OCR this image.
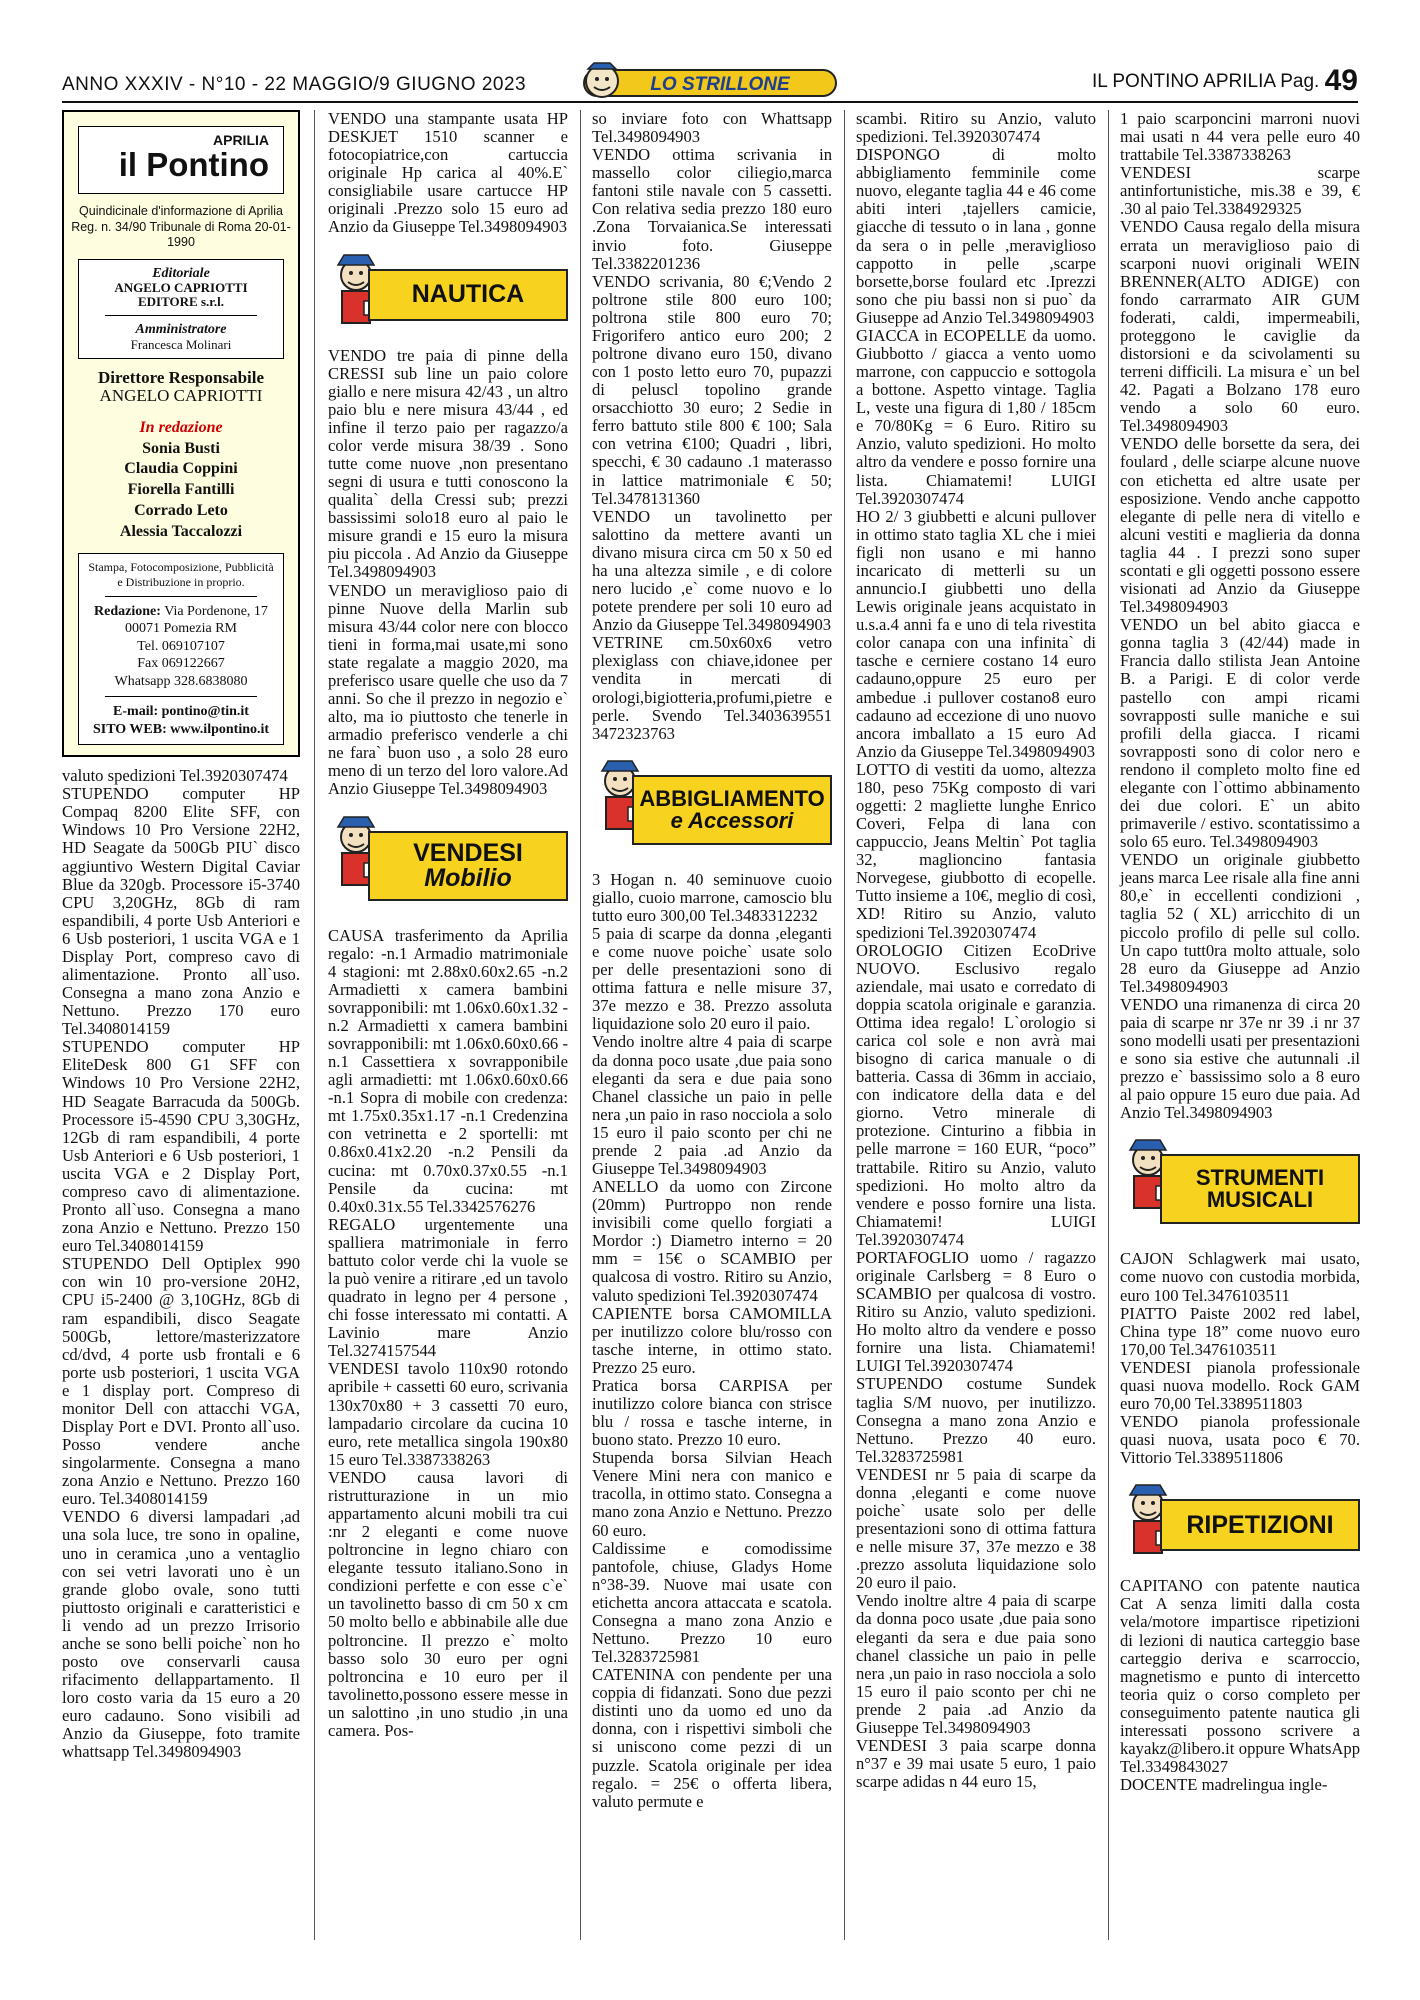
ANNO XXXIV - N°10 - 22 MAGGIO/9 GIUGNO 2023	LO STRILLONE	IL PONTINO APRILIA Pag. 49
APRILIA
il Pontino
Quindicinale d'informazione di Aprilia Reg. n. 34/90 Tribunale di Roma 20-01-1990
Editoriale
ANGELO CAPRIOTTI EDITORE s.r.l.
Amministratore
Francesca Molinari
Direttore Responsabile
ANGELO CAPRIOTTI
In redazione
Sonia Busti
Claudia Coppini
Fiorella Fantilli
Corrado Leto
Alessia Taccalozzi
Stampa, Fotocomposizione, Pubblicità e Distribuzione in proprio.
Redazione: Via Pordenone, 17 00071 Pomezia RM
Tel. 069107107
Fax 069122667
Whatsapp 328.6838080
E-mail: pontino@tin.it
SITO WEB: www.ilpontino.it

valuto spedizioni Tel.3920307474

STUPENDO computer HP Compaq 8200 Elite SFF, con Windows 10 Pro Versione 22H2, HD Seagate da 500Gb PIU` disco aggiuntivo Western Digital Caviar Blue da 320gb. Processore i5-3740 CPU 3,20GHz, 8Gb di ram espandibili, 4 porte Usb Anteriori e 6 Usb posteriori, 1 uscita VGA e 1 Display Port, compreso cavo di alimentazione. Pronto all`uso. Consegna a mano zona Anzio e Nettuno. Prezzo 170 euro Tel.3408014159

STUPENDO computer HP EliteDesk 800 G1 SFF con Windows 10 Pro Versione 22H2, HD Seagate Barracuda da 500Gb. Processore i5-4590 CPU 3,30GHz, 12Gb di ram espandibili, 4 porte Usb Anteriori e 6 Usb posteriori, 1 uscita VGA e 2 Display Port, compreso cavo di alimentazione. Pronto all`uso. Consegna a mano zona Anzio e Nettuno. Prezzo 150 euro Tel.3408014159

STUPENDO Dell Optiplex 990 con win 10 pro-versione 20H2, CPU i5-2400 @ 3,10GHz, 8Gb di ram espandibili, disco Seagate 500Gb, lettore/masterizzatore cd/dvd, 4 porte usb frontali e 6 porte usb posteriori, 1 uscita VGA e 1 display port. Compreso di monitor Dell con attacchi VGA, Display Port e DVI. Pronto all`uso. Posso vendere anche singolarmente. Consegna a mano zona Anzio e Nettuno. Prezzo 160 euro. Tel.3408014159

VENDO 6 diversi lampadari ,ad una sola luce, tre sono in opaline, uno in ceramica ,uno a ventaglio con sei vetri lavorati uno è un grande globo ovale, sono tutti piuttosto originali e caratteristici e li vendo ad un prezzo Irrisorio anche se sono belli poiche` non ho posto ove conservarli causa rifacimento dellappartamento. Il loro costo varia da 15 euro a 20 euro cadauno. Sono visibili ad Anzio da Giuseppe, foto tramite whattsapp Tel.3498094903

VENDO una stampante usata HP DESKJET 1510 scanner e fotocopiatrice,con cartuccia originale Hp carica al 40%.E` consigliabile usare cartucce HP originali .Prezzo solo 15 euro ad Anzio da Giuseppe Tel.3498094903

NAUTICA

VENDO tre paia di pinne della CRESSI sub line un paio colore giallo e nere misura 42/43 , un altro paio blu e nere misura 43/44 , ed infine il terzo paio per ragazzo/a color verde misura 38/39 . Sono tutte come nuove ,non presentano segni di usura e tutti conoscono la qualita` della Cressi sub; prezzi bassissimi solo18 euro al paio le misure grandi e 15 euro la misura piu piccola . Ad Anzio da Giuseppe Tel.3498094903

VENDO un meraviglioso paio di pinne Nuove della Marlin sub misura 43/44 color nere con blocco tieni in forma,mai usate,mi sono state regalate a maggio 2020, ma preferisco usare quelle che uso da 7 anni. So che il prezzo in negozio e` alto, ma io piuttosto che tenerle in armadio preferisco venderle a chi ne fara` buon uso , a solo 28 euro meno di un terzo del loro valore.Ad Anzio Giuseppe Tel.3498094903

VENDESI
Mobilio

CAUSA trasferimento da Aprilia regalo: -n.1 Armadio matrimoniale 4 stagioni: mt 2.88x0.60x2.65 -n.2 Armadietti x camera bambini sovrapponibili: mt 1.06x0.60x1.32 -n.2 Armadietti x camera bambini sovrapponibili: mt 1.06x0.60x0.66 -n.1 Cassettiera x sovrapponibile agli armadietti: mt 1.06x0.60x0.66 -n.1 Sopra di mobile con credenza: mt 1.75x0.35x1.17 -n.1 Credenzina con vetrinetta e 2 sportelli: mt 0.86x0.41x2.20 -n.2 Pensili da cucina: mt 0.70x0.37x0.55 -n.1 Pensile da cucina: mt 0.40x0.31x.55 Tel.3342576276

REGALO urgentemente una spalliera matrimoniale in ferro battuto color verde chi la vuole se la può venire a ritirare ,ed un tavolo quadrato in legno per 4 persone , chi fosse interessato mi contatti. A Lavinio mare Anzio Tel.3274157544

VENDESI tavolo 110x90 rotondo apribile + cassetti 60 euro, scrivania 130x70x80 + 3 cassetti 70 euro, lampadario circolare da cucina 10 euro, rete metallica singola 190x80 15 euro Tel.3387338263

VENDO causa lavori di ristrutturazione in un mio appartamento alcuni mobili tra cui :nr 2 eleganti e come nuove poltroncine in legno chiaro con elegante tessuto italiano.Sono in condizioni perfette e con esse c`e` un tavolinetto basso di cm 50 x cm 50 molto bello e abbinabile alle due poltroncine. Il prezzo e` molto basso solo 30 euro per ogni poltroncina e 10 euro per il tavolinetto,possono essere messe in un salottino ,in uno studio ,in una camera. Pos-

so inviare foto con Whattsapp Tel.3498094903

VENDO ottima scrivania in massello color ciliegio,marca fantoni stile navale con 5 cassetti. Con relativa sedia prezzo 180 euro .Zona Torvaianica.Se interessati invio foto. Giuseppe Tel.3382201236

VENDO scrivania, 80 €;Vendo 2 poltrone stile 800 euro 100; poltrona stile 800 euro 70; Frigorifero antico euro 200; 2 poltrone divano euro 150, divano con 1 posto letto euro 70, pupazzi di peluscl topolino grande orsacchiotto 30 euro; 2 Sedie in ferro battuto stile 800 € 100; Sala con vetrina €100; Quadri , libri, specchi, € 30 cadauno .1 materasso in lattice matrimoniale € 50; Tel.3478131360

VENDO un tavolinetto per salottino da mettere avanti un divano misura circa cm 50 x 50 ed ha una altezza simile , e di colore nero lucido ,e` come nuovo e lo potete prendere per soli 10 euro ad Anzio da Giuseppe Tel.3498094903

VETRINE cm.50x60x6 vetro plexiglass con chiave,idonee per vendita in mercati di orologi,bigiotteria,profumi,pietre e perle. Svendo Tel.3403639551 3472323763

ABBIGLIAMENTO
e Accessori

3 Hogan n. 40 seminuove cuoio giallo, cuoio marrone, camoscio blu tutto euro 300,00 Tel.3483312232

5 paia di scarpe da donna ,eleganti e come nuove poiche` usate solo per delle presentazioni sono di ottima fattura e nelle misure 37, 37e mezzo e 38. Prezzo assoluta liquidazione solo 20 euro il paio.

Vendo inoltre altre 4 paia di scarpe da donna poco usate ,due paia sono eleganti da sera e due paia sono Chanel classiche un paio in pelle nera ,un paio in raso nocciola a solo 15 euro il paio sconto per chi ne prende 2 paia .ad Anzio da Giuseppe Tel.3498094903

ANELLO da uomo con Zircone (20mm) Purtroppo non rende invisibili come quello forgiati a Mordor :) Diametro interno = 20 mm = 15€ o SCAMBIO per qualcosa di vostro. Ritiro su Anzio, valuto spedizioni Tel.3920307474

CAPIENTE borsa CAMOMILLA per inutilizzo colore blu/rosso con tasche interne, in ottimo stato. Prezzo 25 euro.

Pratica borsa CARPISA per inutilizzo colore bianca con strisce blu / rossa e tasche interne, in buono stato. Prezzo 10 euro.

Stupenda borsa Silvian Heach Venere Mini nera con manico e tracolla, in ottimo stato. Consegna a mano zona Anzio e Nettuno. Prezzo 60 euro.

Caldissime e comodissime pantofole, chiuse, Gladys Home n°38-39. Nuove mai usate con etichetta ancora attaccata e scatola. Consegna a mano zona Anzio e Nettuno. Prezzo 10 euro Tel.3283725981

CATENINA con pendente per una coppia di fidanzati. Sono due pezzi distinti uno da uomo ed uno da donna, con i rispettivi simboli che si uniscono come pezzi di un puzzle. Scatola originale per idea regalo. = 25€ o offerta libera, valuto permute e

scambi. Ritiro su Anzio, valuto spedizioni. Tel.3920307474

DISPONGO di molto abbigliamento femminile come nuovo, elegante taglia 44 e 46 come abiti interi ,tajellers camicie, giacche di tessuto o in lana , gonne da sera o in pelle ,meraviglioso cappotto in pelle ,scarpe borsette,borse foulard etc .Iprezzi sono che piu bassi non si puo` da Giuseppe ad Anzio Tel.3498094903

GIACCA in ECOPELLE da uomo. Giubbotto / giacca a vento uomo marrone, con cappuccio e sottogola a bottone. Aspetto vintage. Taglia L, veste una figura di 1,80 / 185cm e 70/80Kg = 6 Euro. Ritiro su Anzio, valuto spedizioni. Ho molto altro da vendere e posso fornire una lista. Chiamatemi! LUIGI Tel.3920307474

HO 2/ 3 giubbetti e alcuni pullover in ottimo stato taglia XL che i miei figli non usano e mi hanno incaricato di metterli su un annuncio.I giubbetti uno della Lewis originale jeans acquistato in u.s.a.4 anni fa e uno di tela rivestita color canapa con una infinita` di tasche e cerniere costano 14 euro cadauno,oppure 25 euro per ambedue .i pullover costano8 euro cadauno ad eccezione di uno nuovo ancora imballato a 15 euro Ad Anzio da Giuseppe Tel.3498094903

LOTTO di vestiti da uomo, altezza 180, peso 75Kg composto di vari oggetti: 2 magliette lunghe Enrico Coveri, Felpa di lana con cappuccio, Jeans Meltin` Pot taglia 32, maglioncino fantasia Norvegese, giubbotto di ecopelle. Tutto insieme a 10€, meglio di così, XD! Ritiro su Anzio, valuto spedizioni Tel.3920307474

OROLOGIO Citizen EcoDrive NUOVO. Esclusivo regalo aziendale, mai usato e corredato di doppia scatola originale e garanzia. Ottima idea regalo! L`orologio si carica col sole e non avrà mai bisogno di carica manuale o di batteria. Cassa di 36mm in acciaio, con indicatore della data e del giorno. Vetro minerale di protezione. Cinturino a fibbia in pelle marrone = 160 EUR, “poco” trattabile. Ritiro su Anzio, valuto spedizioni. Ho molto altro da vendere e posso fornire una lista. Chiamatemi! LUIGI Tel.3920307474

PORTAFOGLIO uomo / ragazzo originale Carlsberg = 8 Euro o SCAMBIO per qualcosa di vostro. Ritiro su Anzio, valuto spedizioni. Ho molto altro da vendere e posso fornire una lista. Chiamatemi! LUIGI Tel.3920307474

STUPENDO costume Sundek taglia S/M nuovo, per inutilizzo. Consegna a mano zona Anzio e Nettuno. Prezzo 40 euro. Tel.3283725981

VENDESI nr 5 paia di scarpe da donna ,eleganti e come nuove poiche` usate solo per delle presentazioni sono di ottima fattura e nelle misure 37, 37e mezzo e 38 .prezzo assoluta liquidazione solo 20 euro il paio.

Vendo inoltre altre 4 paia di scarpe da donna poco usate ,due paia sono eleganti da sera e due paia sono chanel classiche un paio in pelle nera ,un paio in raso nocciola a solo 15 euro il paio sconto per chi ne prende 2 paia .ad Anzio da Giuseppe Tel.3498094903

VENDESI 3 paia scarpe donna n°37 e 39 mai usate 5 euro, 1 paio scarpe adidas n 44 euro 15,

1 paio scarponcini marroni nuovi mai usati n 44 vera pelle euro 40 trattabile Tel.3387338263

VENDESI scarpe antinfortunistiche, mis.38 e 39, € .30 al paio Tel.3384929325

VENDO Causa regalo della misura errata un meraviglioso paio di scarponi nuovi originali WEIN BRENNER(ALTO ADIGE) con fondo carrarmato AIR GUM foderati, caldi, impermeabili, proteggono le caviglie da distorsioni e da scivolamenti su terreni difficili. La misura e` un bel 42. Pagati a Bolzano 178 euro vendo a solo 60 euro. Tel.3498094903

VENDO delle borsette da sera, dei foulard , delle sciarpe alcune nuove con etichetta ed altre usate per esposizione. Vendo anche cappotto elegante di pelle nera di vitello e alcuni vestiti e maglieria da donna taglia 44 . I prezzi sono super scontati e gli oggetti possono essere visionati ad Anzio da Giuseppe Tel.3498094903

VENDO un bel abito giacca e gonna taglia 3 (42/44) made in Francia dallo stilista Jean Antoine B. a Parigi. E di color verde pastello con ampi ricami sovrapposti sulle maniche e sui profili della giacca. I ricami sovrapposti sono di color nero e rendono il completo molto fine ed elegante con l`ottimo abbinamento dei due colori. E` un abito primaverile / estivo. scontatissimo a solo 65 euro. Tel.3498094903

VENDO un originale giubbetto jeans marca Lee risale alla fine anni 80,e` in eccellenti condizioni , taglia 52 ( XL) arricchito di un piccolo profilo di pelle sul collo. Un capo tutt0ra molto attuale, solo 28 euro da Giuseppe ad Anzio Tel.3498094903

VENDO una rimanenza di circa 20 paia di scarpe nr 37e nr 39 .i nr 37 sono modelli usati per presentazioni e sono sia estive che autunnali .il prezzo e` bassissimo solo a 8 euro al paio oppure 15 euro due paia. Ad Anzio Tel.3498094903

STRUMENTI
MUSICALI

CAJON Schlagwerk mai usato, come nuovo con custodia morbida, euro 100 Tel.3476103511

PIATTO Paiste 2002 red label, China type 18” come nuovo euro 170,00 Tel.3476103511

VENDESI pianola professionale quasi nuova modello. Rock GAM euro 70,00 Tel.3389511803

VENDO pianola professionale quasi nuova, usata poco € 70. Vittorio Tel.3389511806

RIPETIZIONI

CAPITANO con patente nautica Cat A senza limiti dalla costa vela/motore impartisce ripetizioni di lezioni di nautica carteggio base carteggio deriva e scarroccio, magnetismo e punto di intercetto teoria quiz o corso completo per conseguimento patente nautica gli interessati possono scrivere a kayakz@libero.it oppure WhatsApp Tel.3349843027

DOCENTE madrelingua ingle-
